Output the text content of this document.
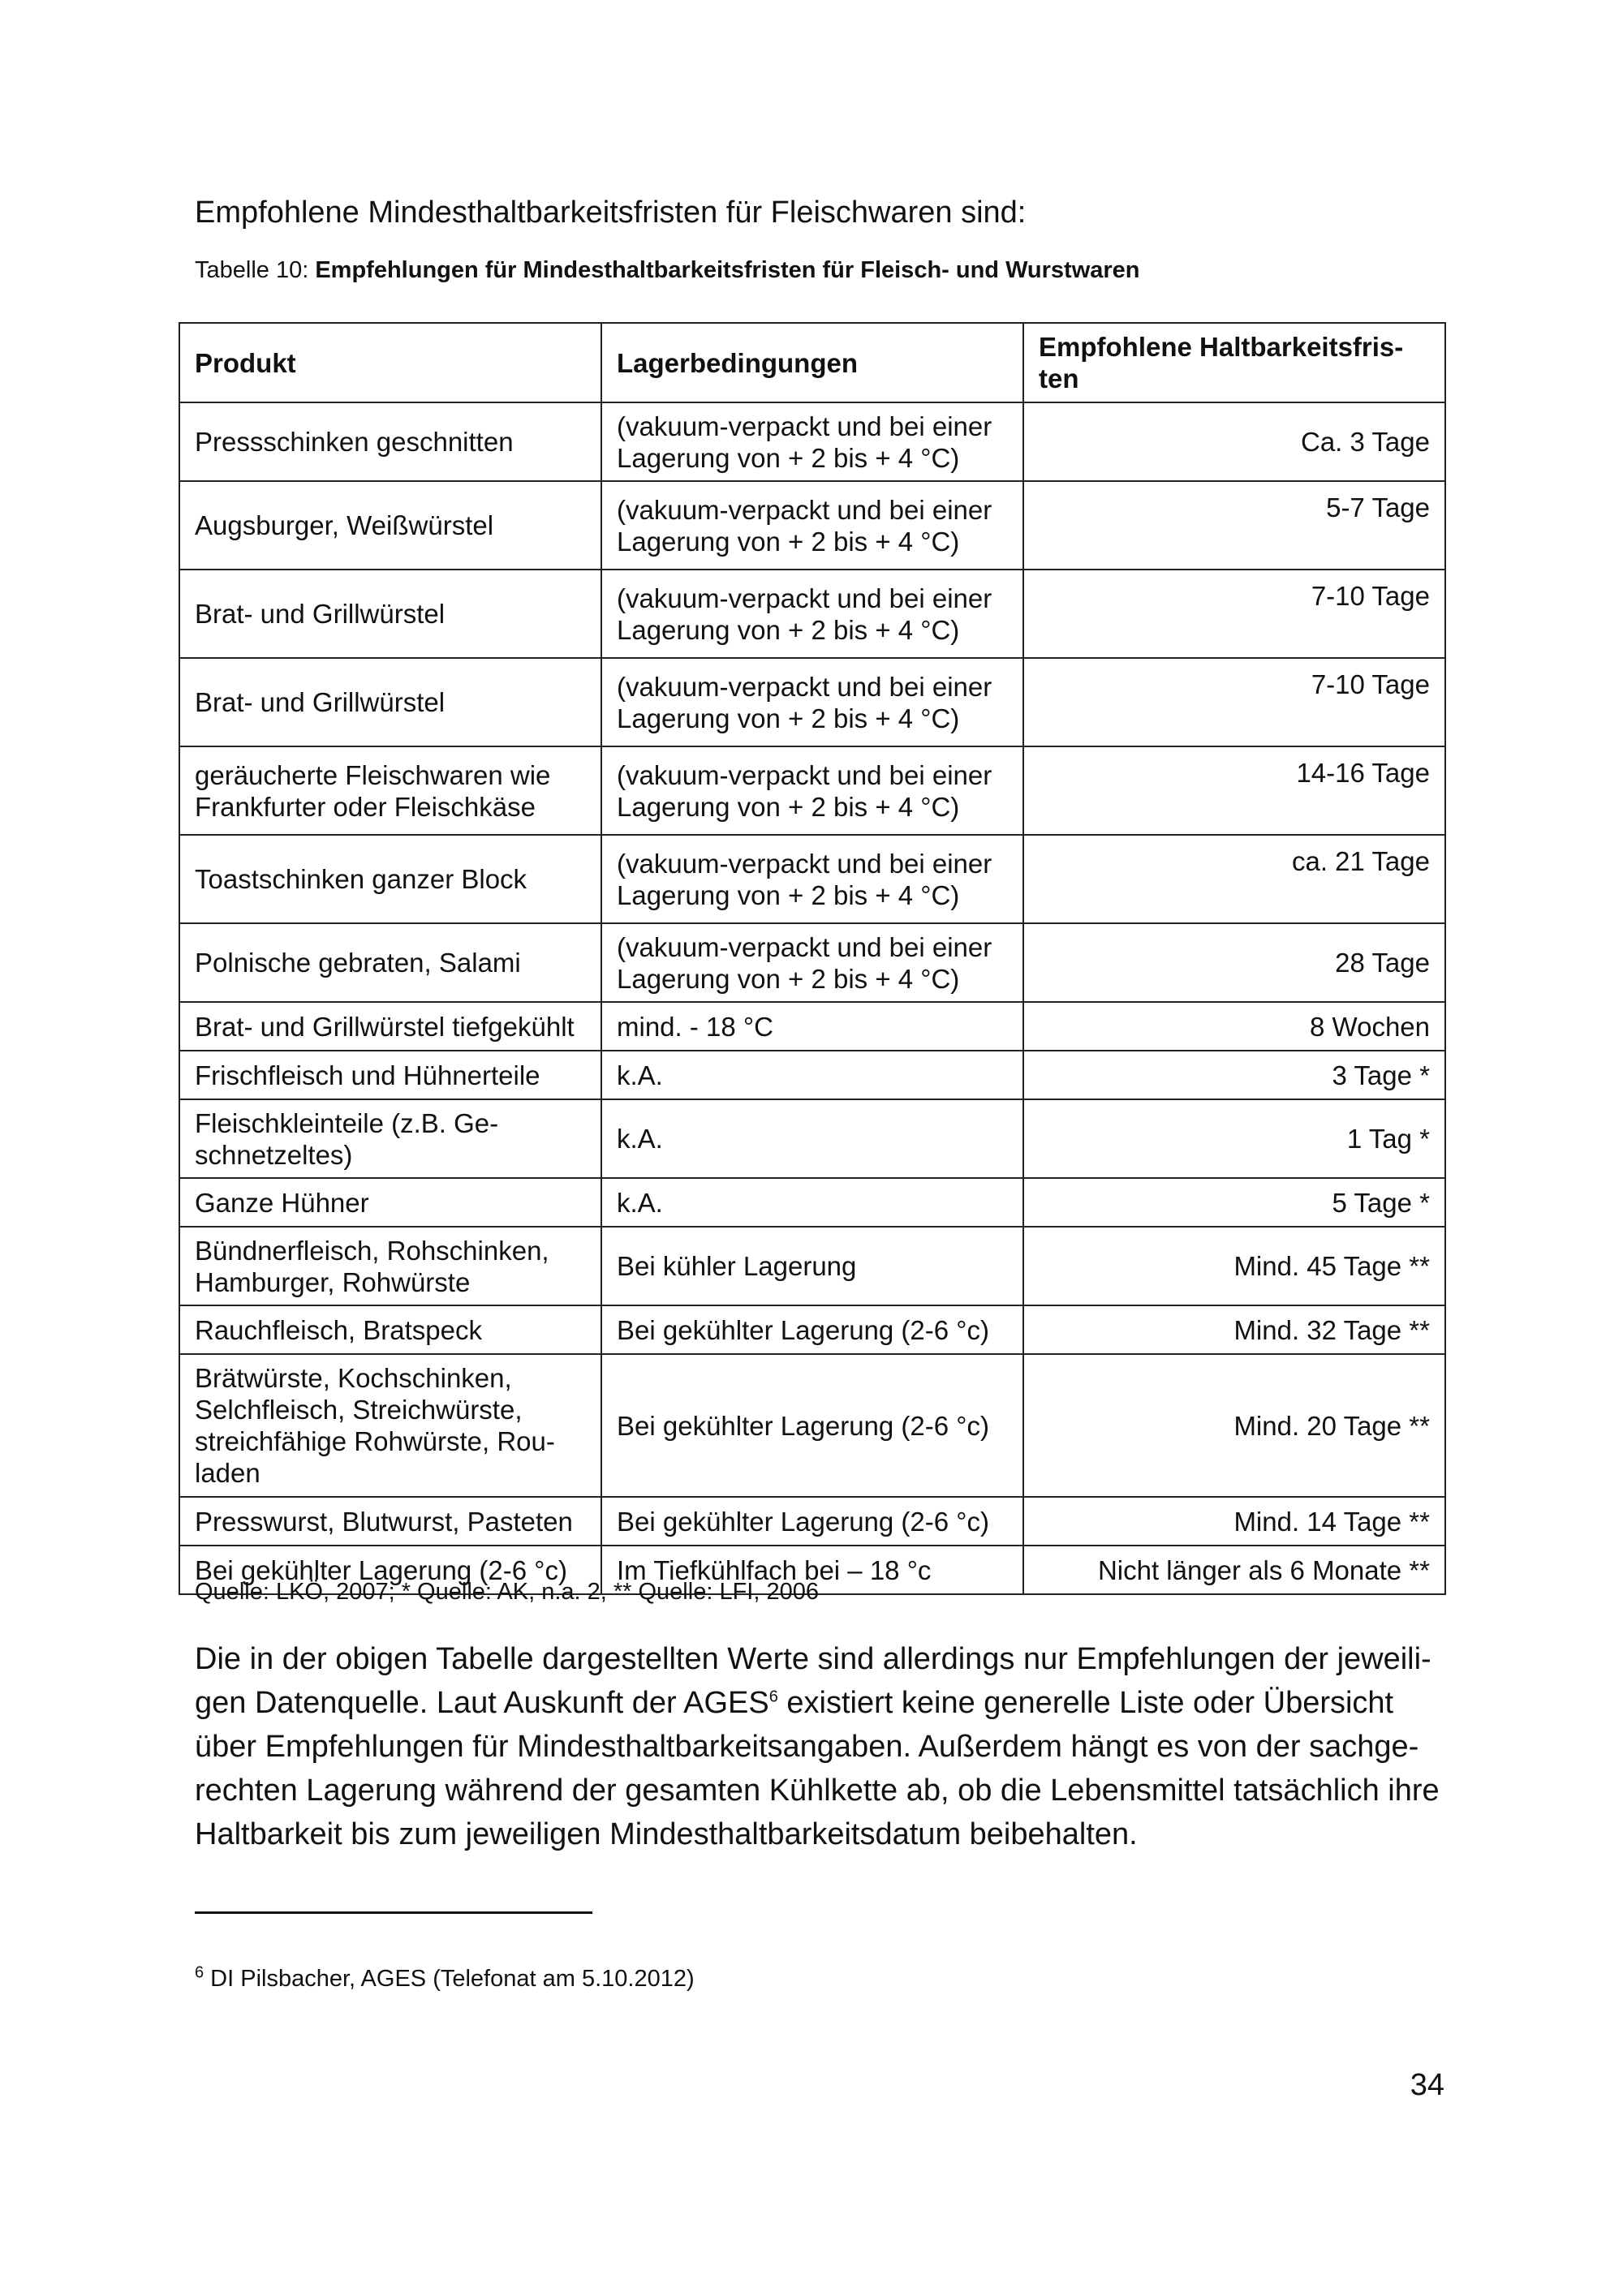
Empfohlene Mindesthaltbarkeitsfristen für Fleischwaren sind:

Tabelle 10: Empfehlungen für Mindesthaltbarkeitsfristen für Fleisch- und Wurstwaren
Produkt	Lagerbedingungen	Empfohlene Haltbarkeitsfris-ten
Pressschinken geschnitten	(vakuum-verpackt und bei einer Lagerung von + 2 bis + 4 °C)	Ca. 3 Tage
Augsburger, Weißwürstel	(vakuum-verpackt und bei einer Lagerung von + 2 bis + 4 °C)	5-7 Tage
Brat- und Grillwürstel	(vakuum-verpackt und bei einer Lagerung von + 2 bis + 4 °C)	7-10 Tage
Brat- und Grillwürstel	(vakuum-verpackt und bei einer Lagerung von + 2 bis + 4 °C)	7-10 Tage
geräucherte Fleischwaren wie Frankfurter oder Fleischkäse	(vakuum-verpackt und bei einer Lagerung von + 2 bis + 4 °C)	14-16 Tage
Toastschinken ganzer Block	(vakuum-verpackt und bei einer Lagerung von + 2 bis + 4 °C)	ca. 21 Tage
Polnische gebraten, Salami	(vakuum-verpackt und bei einer Lagerung von + 2 bis + 4 °C)	28 Tage
Brat- und Grillwürstel tiefgekühlt	mind. - 18 °C	8 Wochen
Frischfleisch und Hühnerteile	k.A.	3 Tage *
Fleischkleinteile (z.B. Ge-schnetzeltes)	k.A.	1 Tag *
Ganze Hühner	k.A.	5 Tage *
Bündnerfleisch, Rohschinken, Hamburger, Rohwürste	Bei kühler Lagerung	Mind. 45 Tage **
Rauchfleisch, Bratspeck	Bei gekühlter Lagerung (2-6 °c)	Mind. 32 Tage **
Brätwürste, Kochschinken, Selchfleisch, Streichwürste, streichfähige Rohwürste, Rou-laden	Bei gekühlter Lagerung (2-6 °c)	Mind. 20 Tage **
Presswurst, Blutwurst, Pasteten	Bei gekühlter Lagerung (2-6 °c)	Mind. 14 Tage **
Bei gekühlter Lagerung (2-6 °c)	Im Tiefkühlfach bei – 18 °c	Nicht länger als 6 Monate **
Quelle: LKÖ, 2007; * Quelle: AK, n.a. 2, ** Quelle: LFI, 2006

Die in der obigen Tabelle dargestellten Werte sind allerdings nur Empfehlungen der jeweili-gen Datenquelle. Laut Auskunft der AGES$^6$ existiert keine generelle Liste oder Übersicht über Empfehlungen für Mindesthaltbarkeitsangaben. Außerdem hängt es von der sachge-rechten Lagerung während der gesamten Kühlkette ab, ob die Lebensmittel tatsächlich ihre Haltbarkeit bis zum jeweiligen Mindesthaltbarkeitsdatum beibehalten.

$^6$ DI Pilsbacher, AGES (Telefonat am 5.10.2012)
34
